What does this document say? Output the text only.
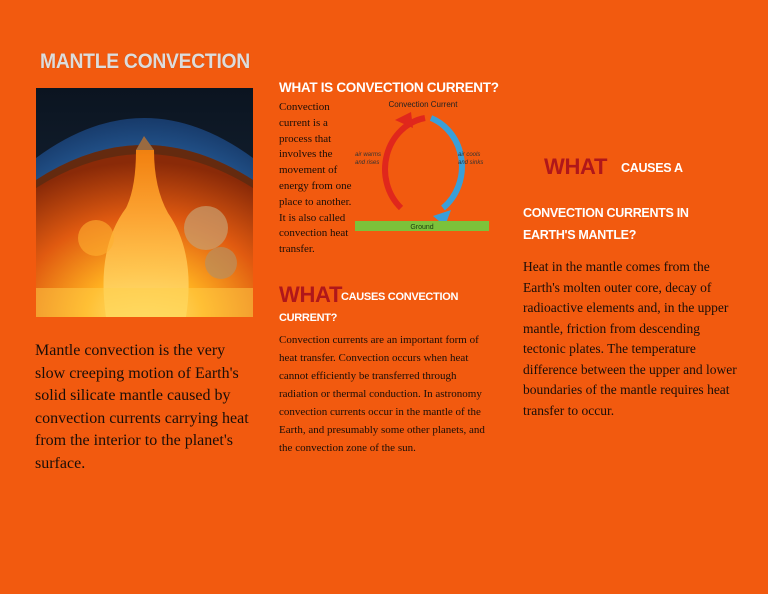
MANTLE CONVECTION
Mantle convection is the very slow creeping motion of Earth's solid silicate mantle caused by convection currents carrying heat from the interior to the planet's surface.
WHAT IS CONVECTION CURRENT?
Convection current is a process that involves the movement of energy from one place to another. It is also called convection heat transfer.
Convection Current
air warms
and rises
air cools
and sinks
Ground
WHAT
CAUSES CONVECTION
CURRENT?
Convection currents are an important form of heat transfer. Convection occurs when heat cannot efficiently be transferred through radiation or thermal conduction. In astronomy convection currents occur in the mantle of the Earth, and presumably some other planets, and the convection zone of the sun.
WHAT CAUSES A
CONVECTION CURRENTS IN
EARTH'S MANTLE?
Heat in the mantle comes from the Earth's molten outer core, decay of radioactive elements and, in the upper mantle, friction from descending tectonic plates. The temperature difference between the upper and lower boundaries of the mantle requires heat transfer to occur.
